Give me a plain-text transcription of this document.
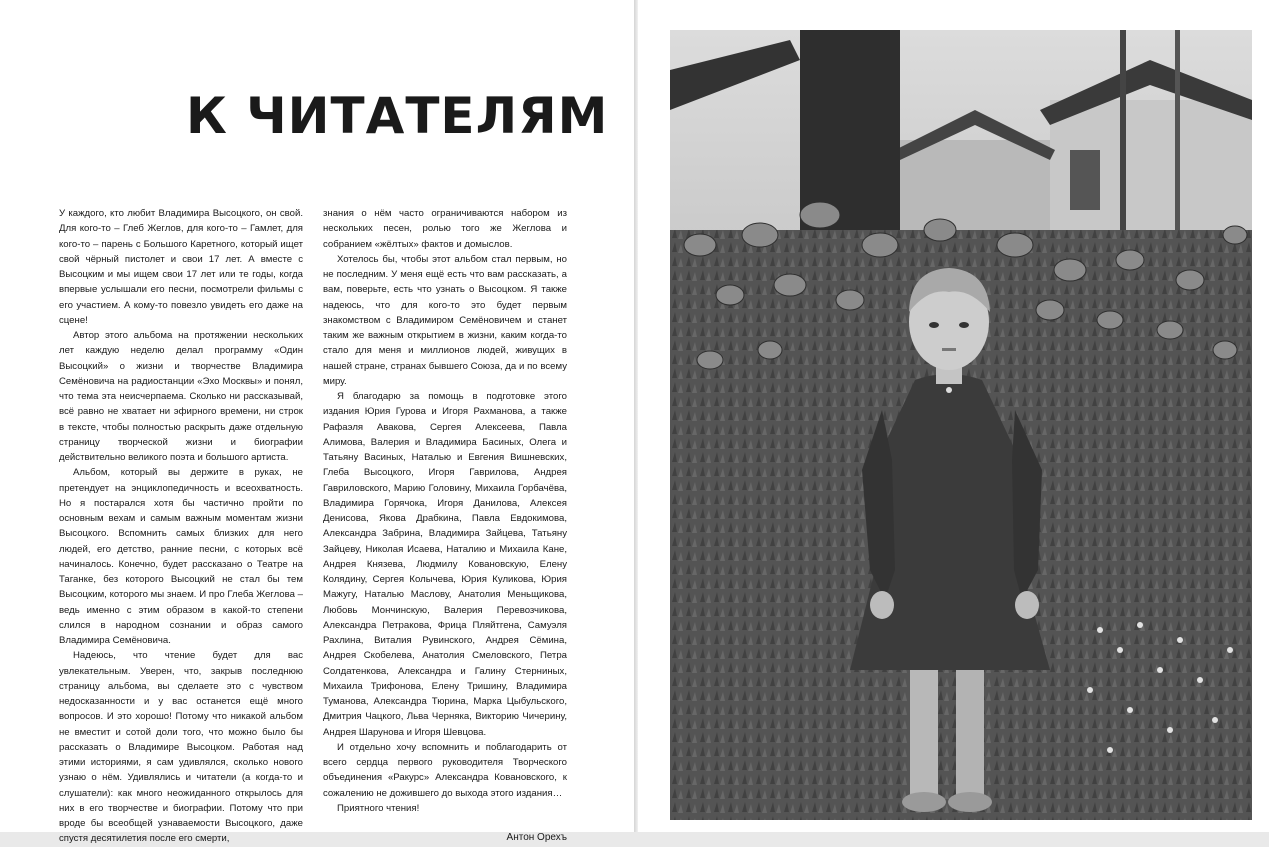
К ЧИТАТЕЛЯМ

У каждого, кто любит Владимира Высоцкого, он свой. Для кого-то – Глеб Жеглов, для кого-то – Гамлет, для кого-то – парень с Большого Каретного, который ищет свой чёрный пистолет и свои 17 лет. А вместе с Высоцким и мы ищем свои 17 лет или те годы, когда впервые услышали его песни, посмотрели фильмы с его участием. А кому-то повезло увидеть его даже на сцене!

Автор этого альбома на протяжении нескольких лет каждую неделю делал программу «Один Высоцкий» о жизни и творчестве Владимира Семёновича на радиостанции «Эхо Москвы» и понял, что тема эта неисчерпаема. Сколько ни рассказывай, всё равно не хватает ни эфирного времени, ни строк в тексте, чтобы полностью раскрыть даже отдельную страницу творческой жизни и биографии действительно великого поэта и большого артиста.

Альбом, который вы держите в руках, не претендует на энциклопедичность и всеохватность. Но я постарался хотя бы частично пройти по основным вехам и самым важным моментам жизни Высоцкого. Вспомнить самых близких для него людей, его детство, ранние песни, с которых всё начиналось. Конечно, будет рассказано о Театре на Таганке, без которого Высоцкий не стал бы тем Высоцким, которого мы знаем. И про Глеба Жеглова – ведь именно с этим образом в какой-то степени слился в народном сознании и образ самого Владимира Семёновича.

Надеюсь, что чтение будет для вас увлекательным. Уверен, что, закрыв последнюю страницу альбома, вы сделаете это с чувством недосказанности и у вас останется ещё много вопросов. И это хорошо! Потому что никакой альбом не вместит и сотой доли того, что можно было бы рассказать о Владимире Высоцком. Работая над этими историями, я сам удивлялся, сколько нового узнаю о нём. Удивлялись и читатели (а когда-то и слушатели): как много неожиданного открылось для них в его творчестве и биографии. Потому что при вроде бы всеобщей узнаваемости Высоцкого, даже спустя десятилетия после его смерти,

знания о нём часто ограничиваются набором из нескольких песен, ролью того же Жеглова и собранием «жёлтых» фактов и домыслов.

Хотелось бы, чтобы этот альбом стал первым, но не последним. У меня ещё есть что вам рассказать, а вам, поверьте, есть что узнать о Высоцком. Я также надеюсь, что для кого-то это будет первым знакомством с Владимиром Семёновичем и станет таким же важным открытием в жизни, каким когда-то стало для меня и миллионов людей, живущих в нашей стране, странах бывшего Союза, да и по всему миру.

Я благодарю за помощь в подготовке этого издания Юрия Гурова и Игоря Рахманова, а также Рафаэля Авакова, Сергея Алексеева, Павла Алимова, Валерия и Владимира Басиных, Олега и Татьяну Васиных, Наталью и Евгения Вишневских, Глеба Высоцкого, Игоря Гаврилова, Андрея Гавриловского, Марию Головину, Михаила Горбачёва, Владимира Горячока, Игоря Данилова, Алексея Денисова, Якова Драбкина, Павла Евдокимова, Александра Забрина, Владимира Зайцева, Татьяну Зайцеву, Николая Исаева, Наталию и Михаила Кане, Андрея Князева, Людмилу Ковановскую, Елену Колядину, Сергея Колычева, Юрия Куликова, Юрия Мажугу, Наталью Маслову, Анатолия Меньщикова, Любовь Мончинскую, Валерия Перевозчикова, Александра Петракова, Фрица Пляйтгена, Самуэля Рахлина, Виталия Рувинского, Андрея Сёмина, Андрея Скобелева, Анатолия Смеловского, Петра Солдатенкова, Александра и Галину Стерниных, Михаила Трифонова, Елену Тришину, Владимира Туманова, Александра Тюрина, Марка Цыбульского, Дмитрия Чацкого, Льва Черняка, Викторию Чичерину, Андрея Шарунова и Игоря Шевцова.

И отдельно хочу вспомнить и поблагодарить от всего сердца первого руководителя Творческого объединения «Ракурс» Александра Ковановского, к сожалению не дожившего до выхода этого издания…

Приятного чтения!

Антон Орехъ
